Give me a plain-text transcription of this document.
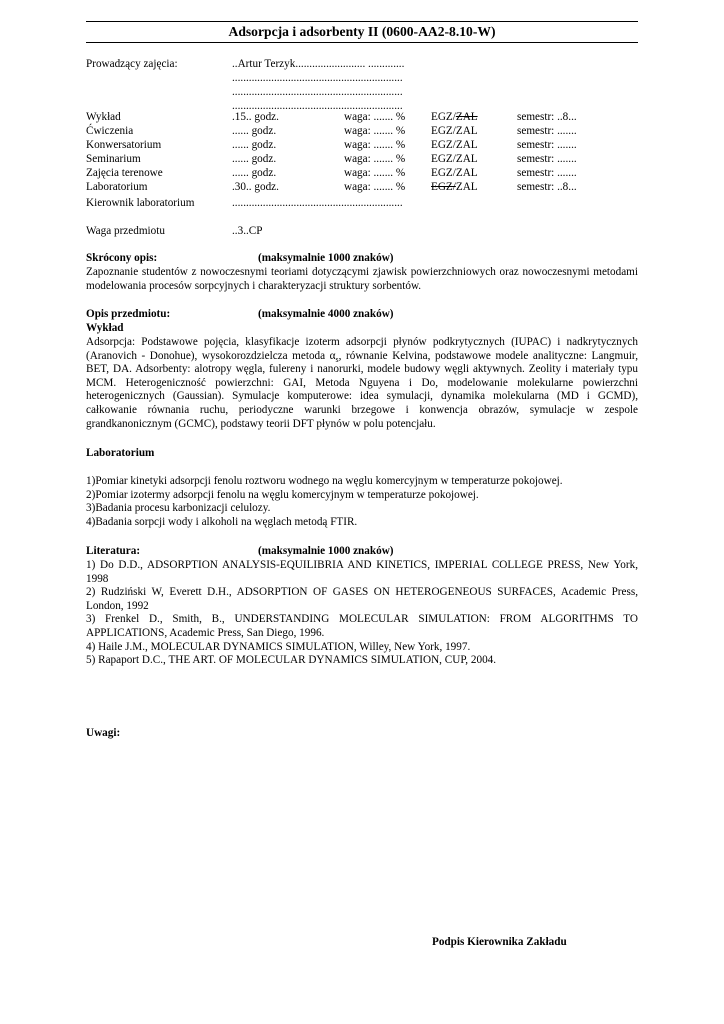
Adsorpcja i adsorbenty II (0600-AA2-8.10-W)
Prowadzący zajęcia:	..Artur Terzyk......................... .............
.............................................................
.............................................................
.............................................................
Wykład	.15.. godz.	waga: ....... % EGZ/ZAL	semestr: ..8...
Ćwiczenia	...... godz.	waga: ....... % EGZ/ZAL	semestr: .......
Konwersatorium	...... godz.	waga: ....... % EGZ/ZAL	semestr: .......
Seminarium	...... godz.	waga: ....... % EGZ/ZAL	semestr: .......
Zajęcia terenowe	...... godz.	waga: ....... % EGZ/ZAL	semestr: .......
Laboratorium	.30.. godz.	waga: ....... % EGZ/ZAL	semestr: ..8...
Kierownik laboratorium	.............................................................
Waga przedmiotu	..3..CP
Skrócony opis:	(maksymalnie 1000 znaków)
Zapoznanie studentów z nowoczesnymi teoriami dotyczącymi zjawisk powierzchniowych oraz nowoczesnymi metodami modelowania procesów sorpcyjnych i charakteryzacji struktury sorbentów.
Opis przedmiotu:	(maksymalnie 4000 znaków)
Wykład
Adsorpcja: Podstawowe pojęcia, klasyfikacje izoterm adsorpcji płynów podkrytycznych (IUPAC) i nadkrytycznych (Aranovich - Donohue), wysokorozdzielcza metoda $\alpha_s$, równanie Kelvina, podstawowe modele analityczne: Langmuir, BET, DA. Adsorbenty: alotropy węgla, fulereny i nanorurki, modele budowy węgli aktywnych. Zeolity i materiały typu MCM. Heterogeniczność powierzchni: GAI, Metoda Nguyena i Do, modelowanie molekularne powierzchni heterogenicznych (Gaussian). Symulacje komputerowe: idea symulacji, dynamika molekularna (MD i GCMD), całkowanie równania ruchu, periodyczne warunki brzegowe i konwencja obrazów, symulacje w zespole grandkanonicznym (GCMC), podstawy teorii DFT płynów w polu potencjału.
Laboratorium
1)Pomiar kinetyki adsorpcji fenolu roztworu wodnego na węglu komercyjnym w temperaturze pokojowej.
2)Pomiar izotermy adsorpcji fenolu na węglu komercyjnym w temperaturze pokojowej.
3)Badania procesu karbonizacji celulozy.
4)Badania sorpcji wody i alkoholi na węglach metodą FTIR.
Literatura:	(maksymalnie 1000 znaków)

1) Do D.D., ADSORPTION ANALYSIS-EQUILIBRIA AND KINETICS, IMPERIAL COLLEGE PRESS, New York, 1998

2) Rudziński W, Everett D.H., ADSORPTION OF GASES ON HETEROGENEOUS SURFACES, Academic Press, London, 1992

3) Frenkel D., Smith, B., UNDERSTANDING MOLECULAR SIMULATION: FROM ALGORITHMS TO APPLICATIONS, Academic Press, San Diego, 1996.

4) Haile J.M., MOLECULAR DYNAMICS SIMULATION, Willey, New York, 1997.

5) Rapaport D.C., THE ART. OF MOLECULAR DYNAMICS SIMULATION, CUP, 2004.

Uwagi:
Podpis Kierownika Zakładu
